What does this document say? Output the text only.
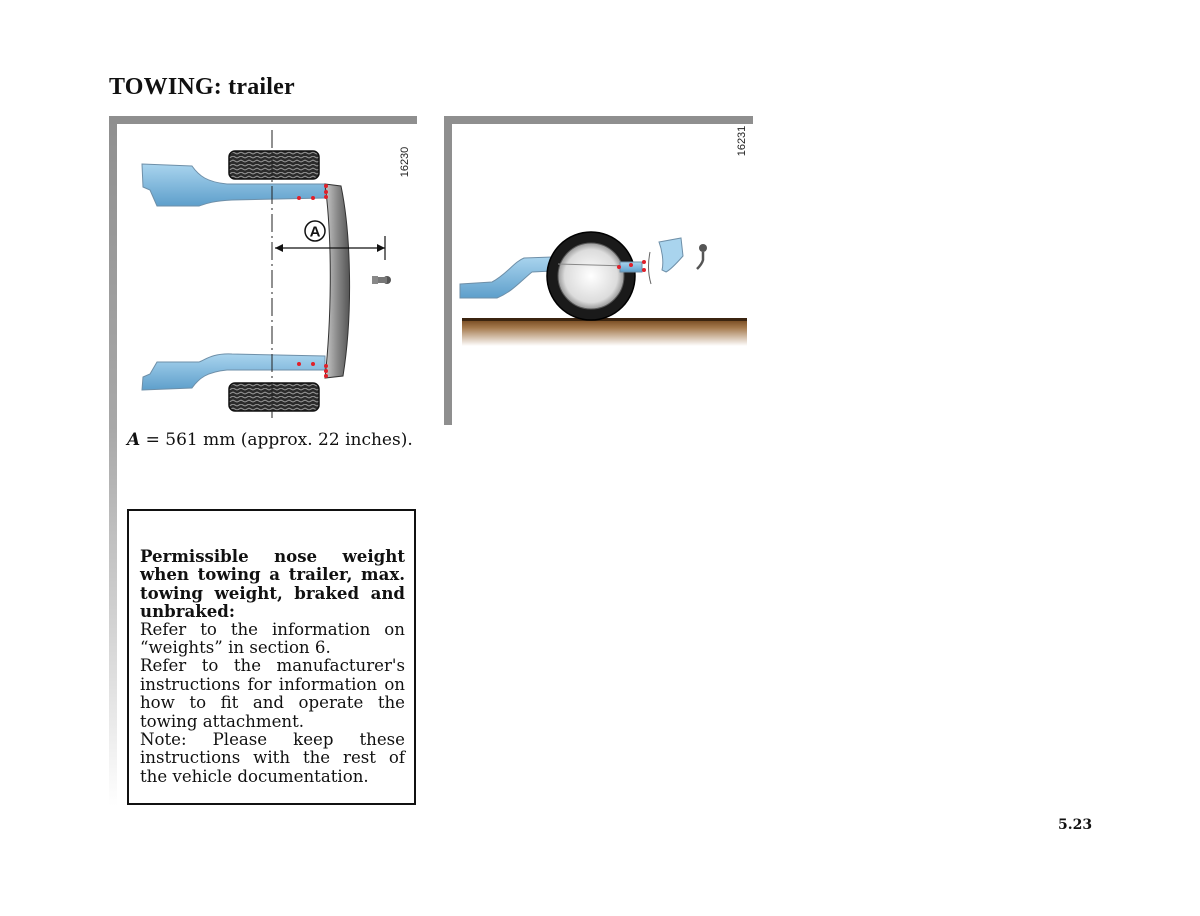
TOWING: trailer
A
16230
16231
A = 561 mm (approx. 22 inches).

Permissible nose weight when towing a trailer, max. towing weight, braked and unbraked:

Refer to the information on “weights” in section 6.

Refer to the manufacturer's instructions for information on how to fit and operate the towing attachment.

Note: Please keep these instructions with the rest of the vehicle documentation.

5.23
